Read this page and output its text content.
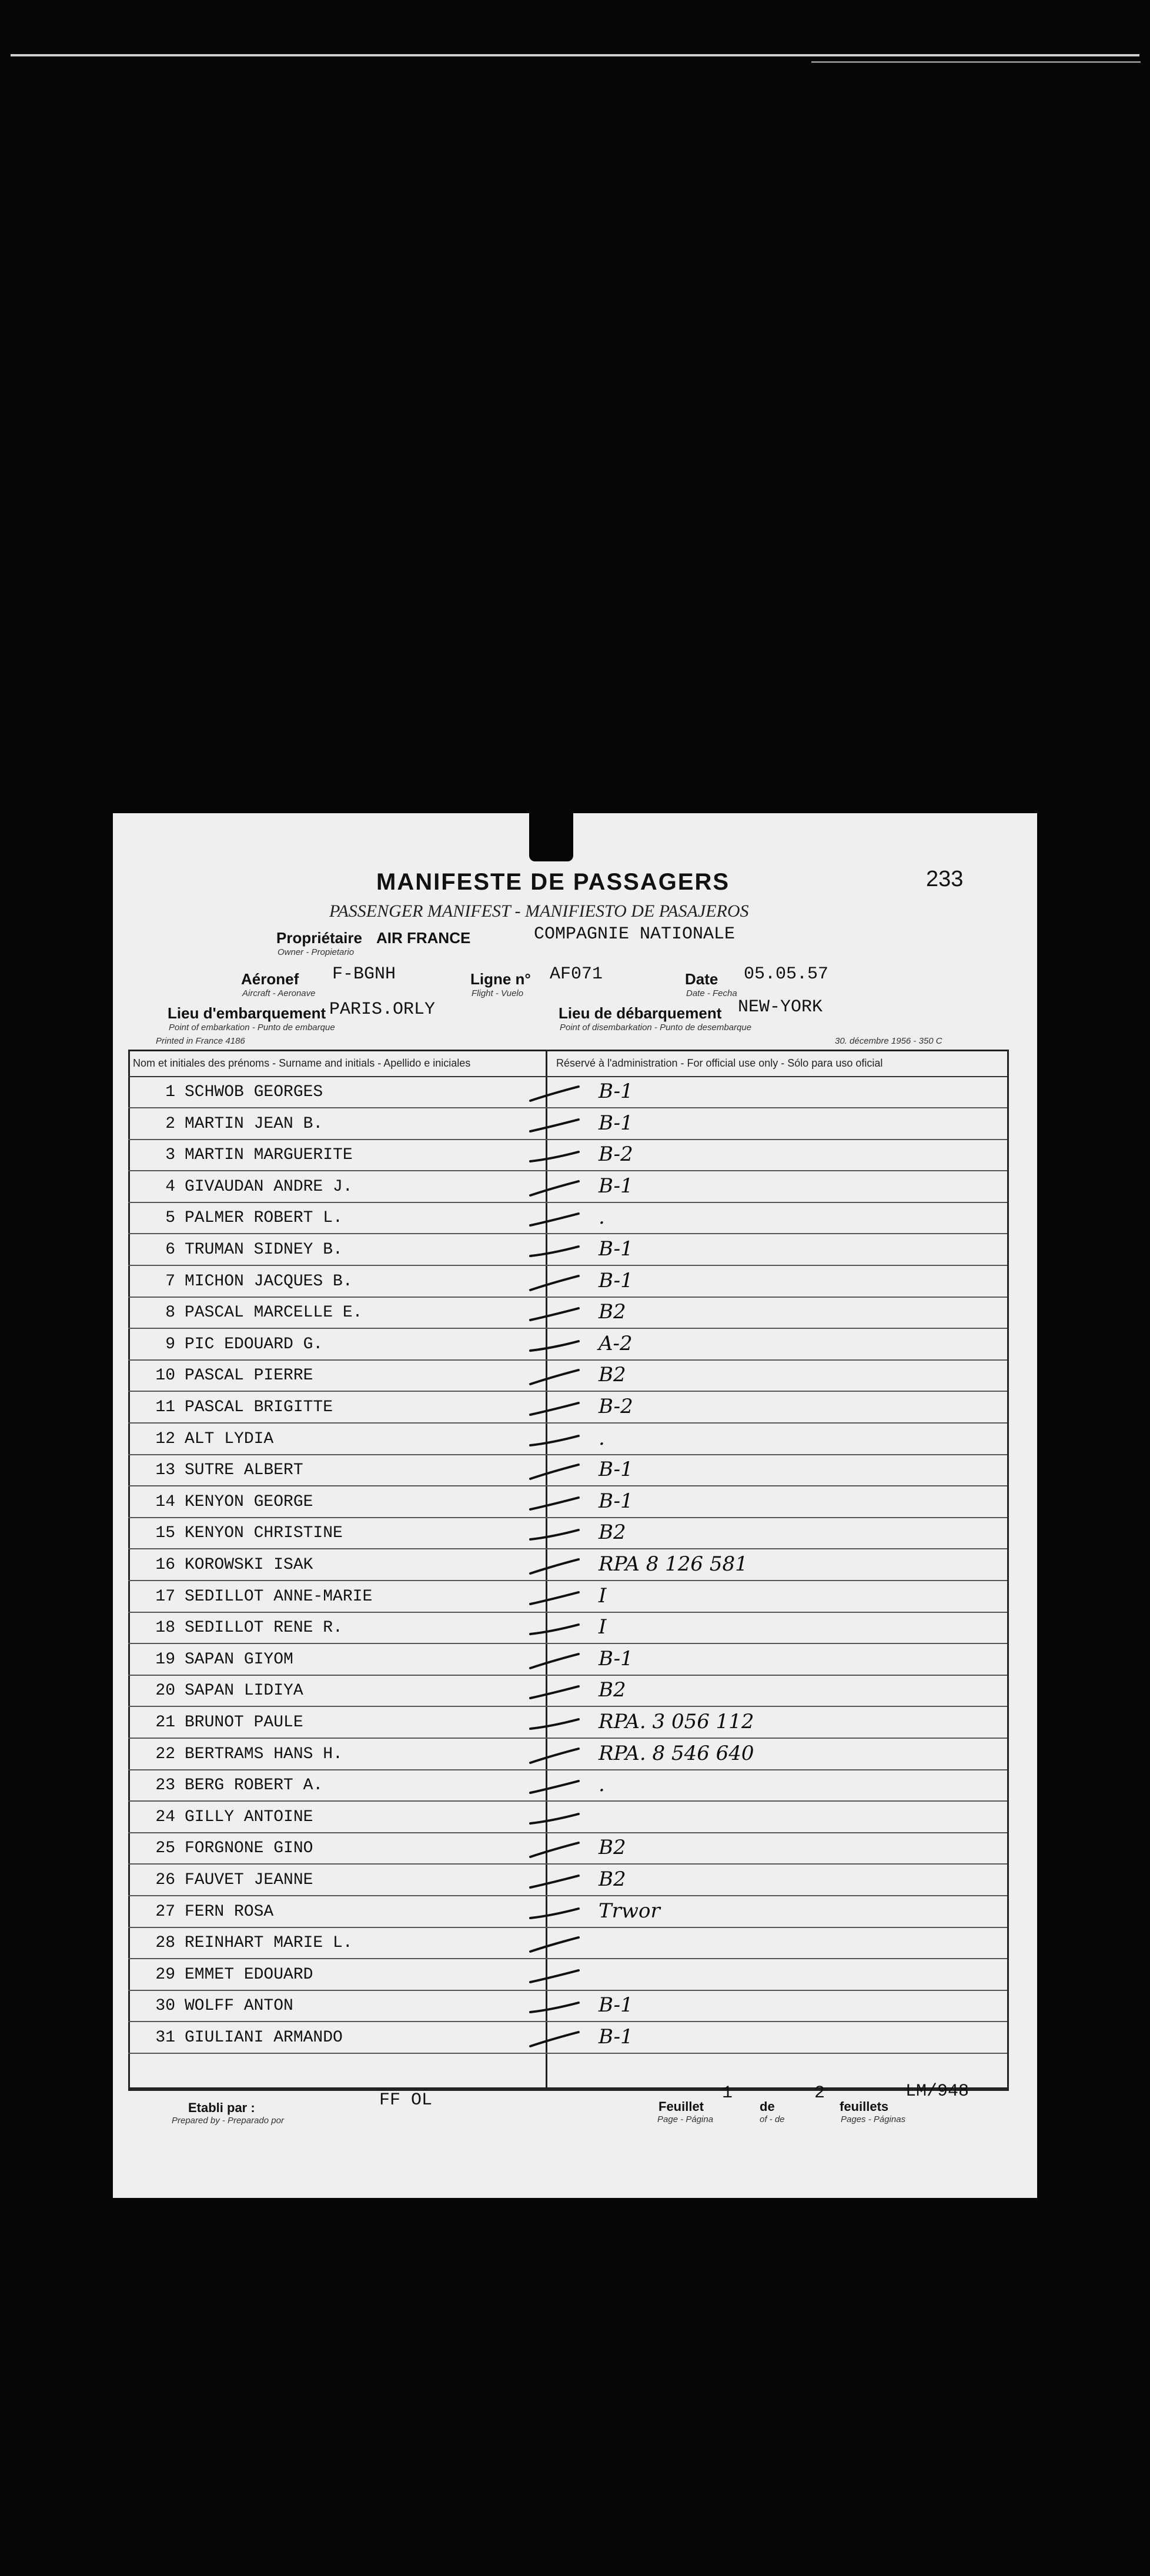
MANIFESTE DE PASSAGERS	233
PASSENGER MANIFEST - MANIFIESTO DE PASAJEROS
Propriétaire
Owner - Propietario
AIR FRANCE	COMPAGNIE NATIONALE
Aéronef
Aircraft - Aeronave
F-BGNH	Ligne n°
Flight - Vuelo
AF071	Date
Date - Fecha
05.05.57
Lieu d'embarquement
Point of embarkation - Punto de embarque
PARIS.ORLY	Lieu de débarquement
Point of disembarkation - Punto de desembarque
NEW-YORK
Printed in France 4186	30. décembre 1956 - 350 C
Nom et initiales des prénoms - Surname and initials - Apellido e iniciales	Réservé à l'administration - For official use only - Sólo para uso oficial
1 SCHWOB GEORGES	B-1
2 MARTIN JEAN B.	B-1
3 MARTIN MARGUERITE	B-2
4 GIVAUDAN ANDRE J.	B-1
5 PALMER ROBERT L.	.
6 TRUMAN SIDNEY B.	B-1
7 MICHON JACQUES B.	B-1
8 PASCAL MARCELLE E.	B2
9 PIC EDOUARD G.	A-2
10 PASCAL PIERRE	B2
11 PASCAL BRIGITTE	B-2
12 ALT LYDIA	.
13 SUTRE ALBERT	B-1
14 KENYON GEORGE	B-1
15 KENYON CHRISTINE	B2
16 KOROWSKI ISAK	RPA 8 126 581
17 SEDILLOT ANNE-MARIE	I
18 SEDILLOT RENE R.	I
19 SAPAN GIYOM	B-1
20 SAPAN LIDIYA	B2
21 BRUNOT PAULE	RPA. 3 056 112
22 BERTRAMS HANS H.	RPA. 8 546 640
23 BERG ROBERT A.	.
24 GILLY ANTOINE
25 FORGNONE GINO	B2
26 FAUVET JEANNE	B2
27 FERN ROSA	Trwor
28 REINHART MARIE L.
29 EMMET EDOUARD
30 WOLFF ANTON	B-1
31 GIULIANI ARMANDO	B-1
Etabli par :
Prepared by - Preparado por
FF OL	Feuillet
Page - Página
1
de
of - de
2
feuillets
Pages - Páginas
LM/948
